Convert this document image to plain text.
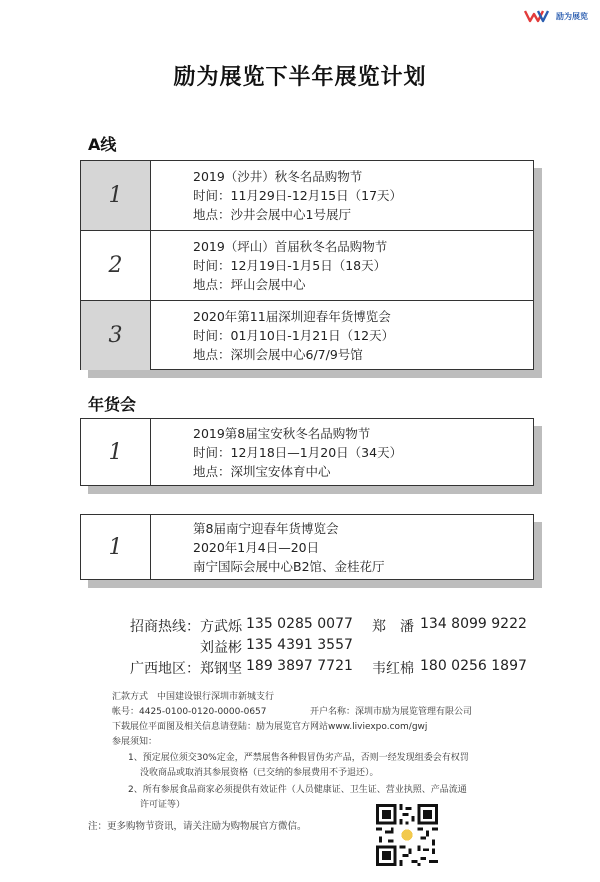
励为展览
励为展览下半年展览计划
A线
1
2019（沙井）秋冬名品购物节
时间：11月29日-12月15日（17天）
地点：沙井会展中心1号展厅
2
2019（坪山）首届秋冬名品购物节
时间：12月19日-1月5日（18天）
地点：坪山会展中心
3
2020年第11届深圳迎春年货博览会
时间：01月10日-1月21日（12天）
地点：深圳会展中心6/7/9号馆
年货会
1
2019第8届宝安秋冬名品购物节
时间：12月18日—1月20日（34天）
地点：深圳宝安体育中心
1
第8届南宁迎春年货博览会
2020年1月4日—20日
南宁国际会展中心B2馆、金桂花厅
招商热线： 方武烁 135 0285 0077 郑　潘 134 8099 9222
刘益彬 135 4391 3557
广西地区： 郑钢坚 189 3897 7721 韦红棉 180 0256 1897
汇款方式　中国建设银行深圳市新城支行
帐号：4425-0100-0120-0000-0657	开户名称：深圳市励为展览管理有限公司
下载展位平面图及相关信息请登陆：励为展览官方网站www.liviexpo.com/gwj
参展须知：
1、预定展位须交30%定金，严禁展售各种假冒伪劣产品，否则一经发现组委会有权罚
没收商品或取消其参展资格（已交纳的参展费用不予退还）。
2、所有参展食品商家必须提供有效证件（人员健康证、卫生证、营业执照、产品流通
许可证等）
注：更多购物节资讯，请关注励为购物展官方微信。
